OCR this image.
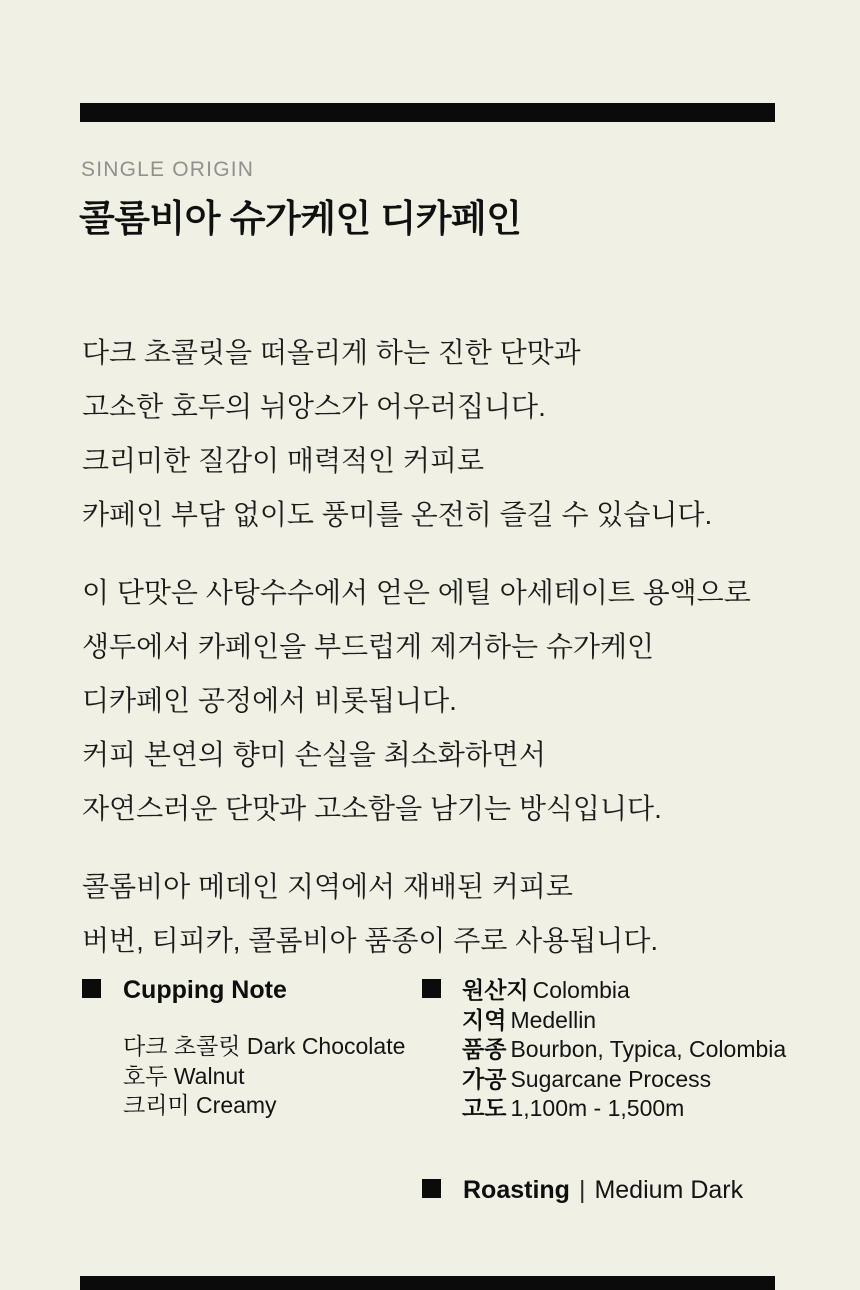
SINGLE ORIGIN
콜롬비아 슈가케인 디카페인
다크 초콜릿을 떠올리게 하는 진한 단맛과
고소한 호두의 뉘앙스가 어우러집니다.
크리미한 질감이 매력적인 커피로
카페인 부담 없이도 풍미를 온전히 즐길 수 있습니다.
이 단맛은 사탕수수에서 얻은 에틸 아세테이트 용액으로
생두에서 카페인을 부드럽게 제거하는 슈가케인
디카페인 공정에서 비롯됩니다.
커피 본연의 향미 손실을 최소화하면서
자연스러운 단맛과 고소함을 남기는 방식입니다.
콜롬비아 메데인 지역에서 재배된 커피로
버번, 티피카, 콜롬비아 품종이 주로 사용됩니다.
Cupping Note
다크 초콜릿 Dark Chocolate
호두 Walnut
크리미 Creamy
원산지 Colombia
지역 Medellin
품종 Bourbon, Typica, Colombia
가공 Sugarcane Process
고도 1,100m - 1,500m
Roasting | Medium Dark
